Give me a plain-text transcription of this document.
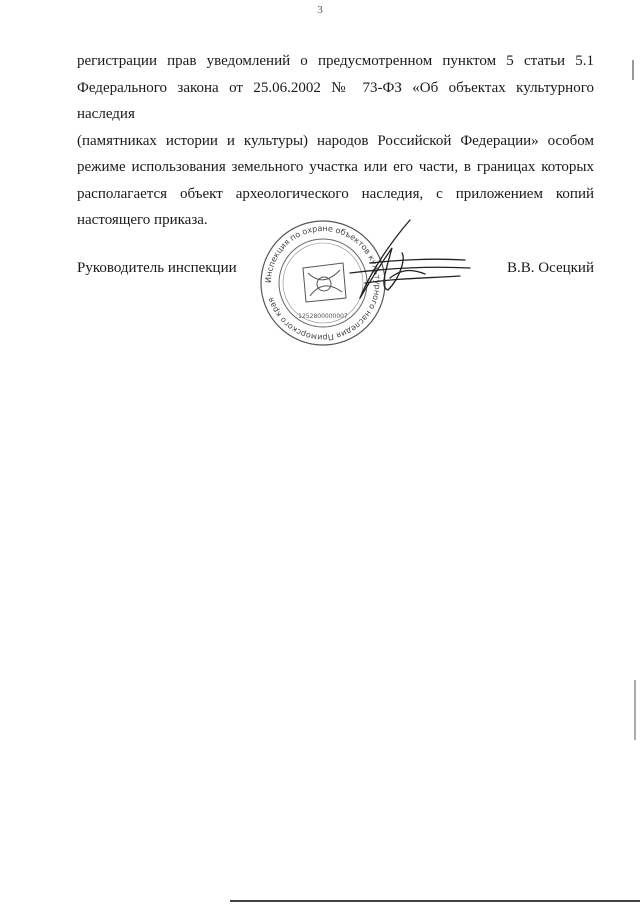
3
регистрации прав уведомлений о предусмотренном пунктом 5 статьи 5.1
Федерального закона от 25.06.2002 № 73-ФЗ «Об объектах культурного наследия
(памятниках истории и культуры) народов Российской Федерации» особом
режиме использования земельного участка или его части, в границах которых
располагается объект археологического наследия, с приложением копий
настоящего приказа.
Инспекция по охране объектов культурного наследия Приморского края
1252800000007
Руководитель инспекции	В.В. Осецкий
